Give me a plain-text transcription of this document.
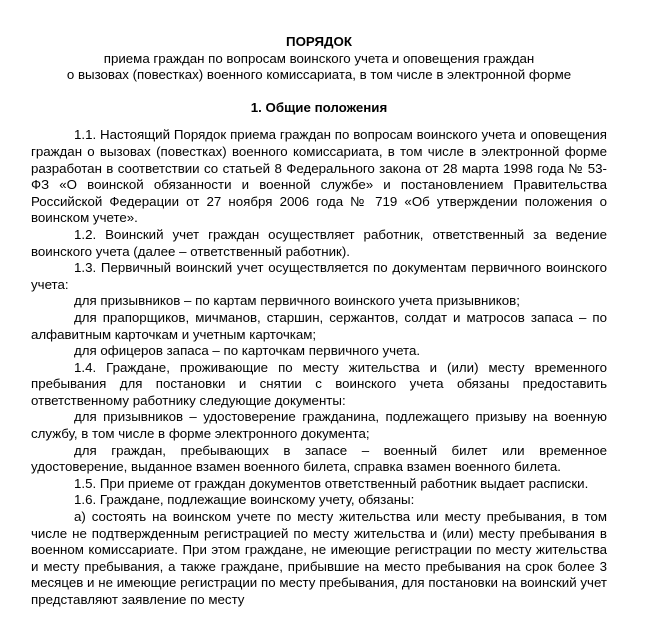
ПОРЯДОК

приема граждан по вопросам воинского учета и оповещения граждан

о вызовах (повестках) военного комиссариата, в том числе в электронной форме

1. Общие положения

1.1. Настоящий Порядок приема граждан по вопросам воинского учета и оповещения граждан о вызовах (повестках) военного комиссариата, в том числе в электронной форме разработан в соответствии со статьей 8 Федерального закона от 28 марта 1998 года № 53-ФЗ «О воинской обязанности и военной службе» и постановлением Правительства Российской Федерации от 27 ноября 2006 года № 719 «Об утверждении положения о воинском учете».

1.2. Воинский учет граждан осуществляет работник, ответственный за ведение воинского учета (далее – ответственный работник).

1.3. Первичный воинский учет осуществляется по документам первичного воинского учета:

для призывников – по картам первичного воинского учета призывников;

для прапорщиков, мичманов, старшин, сержантов, солдат и матросов запаса – по алфавитным карточкам и учетным карточкам;

для офицеров запаса – по карточкам первичного учета.

1.4. Граждане, проживающие по месту жительства и (или) месту временного пребывания для постановки и снятии с воинского учета обязаны предоставить ответственному работнику следующие документы:

для призывников – удостоверение гражданина, подлежащего призыву на военную службу, в том числе в форме электронного документа;

для граждан, пребывающих в запасе – военный билет или временное удостоверение, выданное взамен военного билета, справка взамен военного билета.

1.5. При приеме от граждан документов ответственный работник выдает расписки.

1.6. Граждане, подлежащие воинскому учету, обязаны:

а) состоять на воинском учете по месту жительства или месту пребывания, в том числе не подтвержденным регистрацией по месту жительства и (или) месту пребывания в военном комиссариате. При этом граждане, не имеющие регистрации по месту жительства и месту пребывания, а также граждане, прибывшие на место пребывания на срок более 3 месяцев и не имеющие регистрации по месту пребывания, для постановки на воинский учет представляют заявление по месту
